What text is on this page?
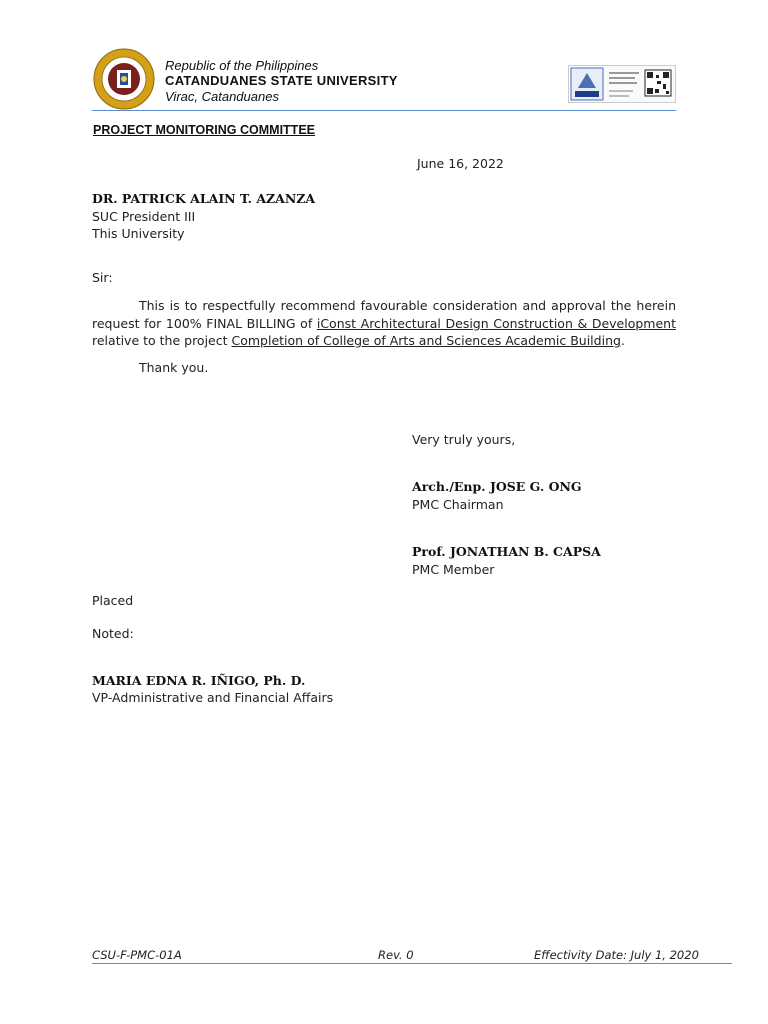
Republic of the Philippines
CATANDUANES STATE UNIVERSITY
Virac, Catanduanes
PROJECT MONITORING COMMITTEE
June 16, 2022
DR. PATRICK ALAIN T. AZANZA
SUC President III
This University
Sir:
This is to respectfully recommend favourable consideration and approval the herein request for 100% FINAL BILLING of iConst Architectural Design Construction & Development relative to the project Completion of College of Arts and Sciences Academic Building.
Thank you.
Very truly yours,
Arch./Enp. JOSE G. ONG
PMC Chairman
Prof. JONATHAN B. CAPSA
PMC Member
Placed
Noted:
MARIA EDNA R. IÑIGO, Ph. D.
VP-Administrative and Financial Affairs
CSU-F-PMC-01A	Rev. 0	Effectivity Date: July 1, 2020
